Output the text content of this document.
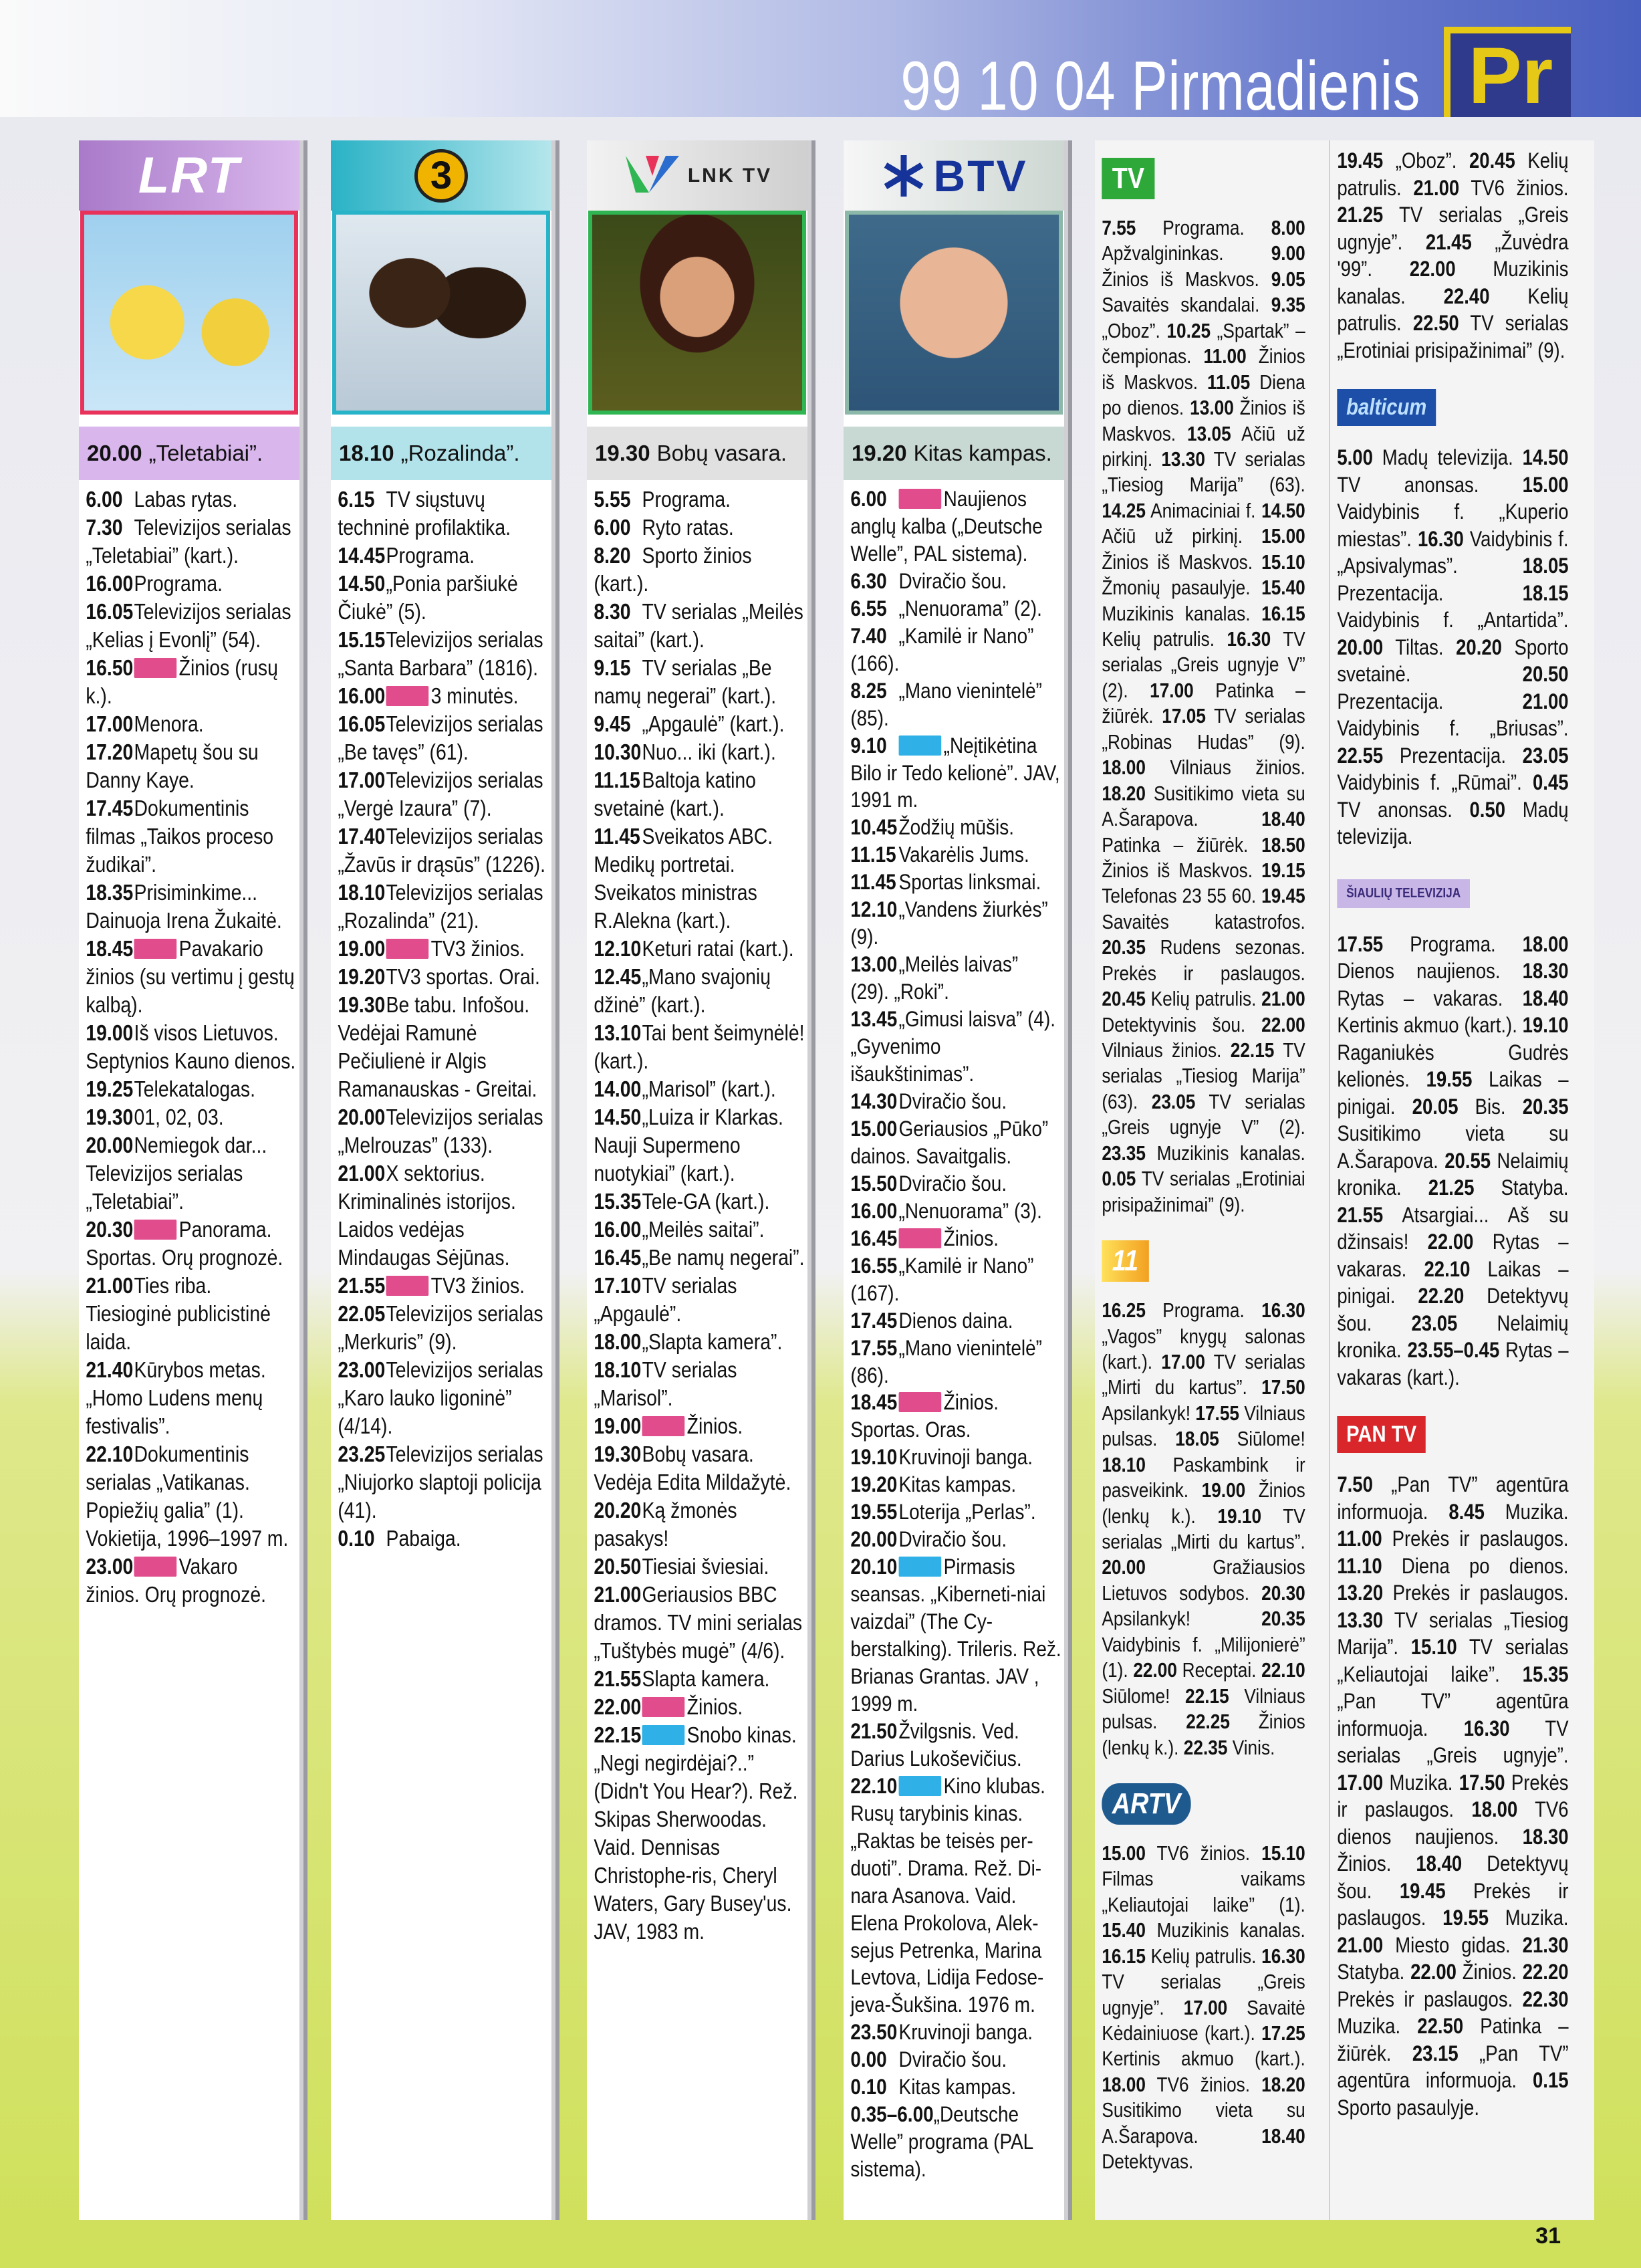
99 10 04 Pirmadienis Pr
LRT
20.00 „Teletabiai”.
6.00 Labas rytas.
7.30 Televizijos serialas „Teletabiai” (kart.).
16.00Programa.
16.05Televizijos serialas „Kelias į Evonlį” (54).
16.50 Žinios (rusų k.).
17.00Menora.
17.20Mapetų šou su Danny Kaye.
17.45Dokumentinis filmas „Taikos proceso žudikai”.
18.35Prisiminkime... Dainuoja Irena Žukaitė.
18.45 Pavakario žinios (su vertimu į gestų kalbą).
19.00Iš visos Lietuvos. Septynios Kauno dienos.
19.25Telekatalogas.
19.3001, 02, 03.
20.00Nemiegok dar... Televizijos serialas „Teletabiai”.
20.30 Panorama. Sportas. Orų prognozė.
21.00Ties riba. Tiesioginė publicistinė laida.
21.40Kūrybos metas. „Homo Ludens menų festivalis”.
22.10Dokumentinis serialas „Vatikanas. Popiežių galia” (1). Vokietija, 1996–1997 m.
23.00 Vakaro žinios. Orų prognozė.
3
18.10 „Rozalinda”.
6.15 TV siųstuvų techninė profilaktika.
14.45Programa.
14.50„Ponia paršiukė Čiukė” (5).
15.15Televizijos serialas „Santa Barbara” (1816).
16.00 3 minutės.
16.05Televizijos serialas „Be tavęs” (61).
17.00Televizijos serialas „Vergė Izaura” (7).
17.40Televizijos serialas „Žavūs ir drąsūs” (1226).
18.10Televizijos serialas „Rozalinda” (21).
19.00 TV3 žinios.
19.20TV3 sportas. Orai.
19.30Be tabu. Infošou. Vedėjai Ramunė Pečiulienė ir Algis Ramanauskas - Greitai.
20.00Televizijos serialas „Melrouzas” (133).
21.00X sektorius. Kriminalinės istorijos. Laidos vedėjas Mindaugas Sėjūnas.
21.55 TV3 žinios.
22.05Televizijos serialas „Merkuris” (9).
23.00Televizijos serialas „Karo lauko ligoninė” (4/14).
23.25Televizijos serialas „Niujorko slaptoji policija (41).
0.10 Pabaiga.
LNK TV
19.30 Bobų vasara.
5.55 Programa.
6.00 Ryto ratas.
8.20 Sporto žinios (kart.).
8.30 TV serialas „Meilės saitai” (kart.).
9.15 TV serialas „Be namų negerai” (kart.).
9.45 „Apgaulė” (kart.).
10.30Nuo... iki (kart.).
11.15Baltoja katino svetainė (kart.).
11.45Sveikatos ABC. Medikų portretai. Sveikatos ministras R.Alekna (kart.).
12.10Keturi ratai (kart.).
12.45„Mano svajonių džinė” (kart.).
13.10Tai bent šeimynėlė! (kart.).
14.00„Marisol” (kart.).
14.50„Luiza ir Klarkas. Nauji Supermeno nuotykiai” (kart.).
15.35Tele-GA (kart.).
16.00„Meilės saitai”.
16.45„Be namų negerai”.
17.10TV serialas „Apgaulė”.
18.00„Slapta kamera”.
18.10TV serialas „Marisol”.
19.00 Žinios.
19.30Bobų vasara. Vedėja Edita Mildažytė.
20.20Ką žmonės pasakys!
20.50Tiesiai šviesiai.
21.00Geriausios BBC dramos. TV mini serialas „Tuštybės mugė” (4/6).
21.55Slapta kamera.
22.00 Žinios.
22.15 Snobo kinas. „Negi negirdėjai?..” (Didn't You Hear?). Rež. Skipas Sherwoodas. Vaid. Dennisas Christophe-ris, Cheryl Waters, Gary Busey'us. JAV, 1983 m.
BTV
19.20 Kitas kampas.
6.00	Naujienos anglų kalba („Deutsche Welle”, PAL sistema).
6.30 Dviračio šou.
6.55 „Nenuorama” (2).
7.40 „Kamilė ir Nano” (166).
8.25 „Mano vienintelė” (85).
9.10	„Neįtikėtina Bilo ir Tedo kelionė”. JAV, 1991 m.
10.45Žodžių mūšis.
11.15 Vakarėlis Jums.
11.45 Sportas linksmai.
12.10„Vandens žiurkės” (9).
13.00„Meilės laivas” (29). „Roki”.
13.45„Gimusi laisva” (4). „Gyvenimo išaukštinimas”.
14.30Dviračio šou.
15.00Geriausios „Pūko” dainos. Savaitgalis.
15.50Dviračio šou.
16.00„Nenuorama” (3).
16.45 Žinios.
16.55„Kamilė ir Nano” (167).
17.45Dienos daina.
17.55„Mano vienintelė” (86).
18.45 Žinios. Sportas. Oras.
19.10Kruvinoji banga.
19.20Kitas kampas.
19.55Loterija „Perlas”.
20.00Dviračio šou.
20.10 Pirmasis seansas. „Kiberneti-niai vaizdai” (The Cy-berstalking). Trileris. Rež. Brianas Grantas. JAV , 1999 m.
21.50Žvilgsnis. Ved. Darius Lukoševičius.
22.10 Kino klubas. Rusų tarybinis kinas. „Raktas be teisės per-duoti”. Drama. Rež. Di-nara Asanova. Vaid. Elena Prokolova, Alek-sejus Petrenka, Marina Levtova, Lidija Fedose-jeva-Šukšina. 1976 m.
23.50Kruvinoji banga.
0.00 Dviračio šou.
0.10 Kitas kampas.
0.35–6.00„Deutsche Welle” programa (PAL sistema).
TV
7.55 Programa. 8.00 Apžvalgininkas. 9.00 Žinios iš Maskvos. 9.05 Savaitės skandalai. 9.35 „Oboz”. 10.25 „Spartak” – čempionas. 11.00 Žinios iš Maskvos. 11.05 Diena po dienos. 13.00 Žinios iš Maskvos. 13.05 Ačiū už pirkinį. 13.30 TV serialas „Tiesiog Marija” (63). 14.25 Animaciniai f. 14.50 Ačiū už pirkinį. 15.00 Žinios iš Maskvos. 15.10 Žmonių pasaulyje. 15.40 Muzikinis kanalas. 16.15 Kelių patrulis. 16.30 TV serialas „Greis ugnyje V” (2). 17.00 Patinka – žiūrėk. 17.05 TV serialas „Robinas Hudas” (9). 18.00 Vilniaus žinios. 18.20 Susitikimo vieta su A.Šarapova. 18.40 Patinka – žiūrėk. 18.50 Žinios iš Maskvos. 19.15 Telefonas 23 55 60. 19.45 Savaitės katastrofos. 20.35 Rudens sezonas. Prekės ir paslaugos. 20.45 Kelių patrulis. 21.00 Detektyvinis šou. 22.00 Vilniaus žinios. 22.15 TV serialas „Tiesiog Marija” (63). 23.05 TV serialas „Greis ugnyje V” (2). 23.35 Muzikinis kanalas. 0.05 TV serialas „Erotiniai prisipažinimai” (9).
11
16.25 Programa. 16.30 „Vagos” knygų salonas (kart.). 17.00 TV serialas „Mirti du kartus”. 17.50 Apsilankyk! 17.55 Vilniaus pulsas. 18.05 Siūlome! 18.10 Paskambink ir pasveikink. 19.00 Žinios (lenkų k.). 19.10 TV serialas „Mirti du kartus”. 20.00 Gražiausios Lietuvos sodybos. 20.30 Apsilankyk! 20.35 Vaidybinis f. „Milijonierė” (1). 22.00 Receptai. 22.10 Siūlome! 22.15 Vilniaus pulsas. 22.25 Žinios (lenkų k.). 22.35 Vinis.
ARTV
15.00 TV6 žinios. 15.10 Filmas vaikams „Keliautojai laike” (1). 15.40 Muzikinis kanalas. 16.15 Kelių patrulis. 16.30 TV serialas „Greis ugnyje”. 17.00 Savaitė Kėdainiuose (kart.). 17.25 Kertinis akmuo (kart.). 18.00 TV6 žinios. 18.20 Susitikimo vieta su A.Šarapova. 18.40 Detektyvas.
19.45 „Oboz”. 20.45 Kelių patrulis. 21.00 TV6 žinios. 21.25 TV serialas „Greis ugnyje”. 21.45 „Žuvėdra '99”. 22.00 Muzikinis kanalas. 22.40 Kelių patrulis. 22.50 TV serialas „Erotiniai prisipažinimai” (9).
balticum
5.00 Madų televizija. 14.50 TV anonsas. 15.00 Vaidybinis f. „Kuperio miestas”. 16.30 Vaidybinis f. „Apsivalymas”. 18.05 Prezentacija. 18.15 Vaidybinis f. „Antartida”. 20.00 Tiltas. 20.20 Sporto svetainė. 20.50 Prezentacija. 21.00 Vaidybinis f. „Briusas”. 22.55 Prezentacija. 23.05 Vaidybinis f. „Rūmai”. 0.45 TV anonsas. 0.50 Madų televizija.
ŠIAULIŲ TELEVIZIJA
17.55 Programa. 18.00 Dienos naujienos. 18.30 Rytas – vakaras. 18.40 Kertinis akmuo (kart.). 19.10 Raganiukės Gudrės kelionės. 19.55 Laikas – pinigai. 20.05 Bis. 20.35 Susitikimo vieta su A.Šarapova. 20.55 Nelaimių kronika. 21.25 Statyba. 21.55 Atsargiai... Aš su džinsais! 22.00 Rytas – vakaras. 22.10 Laikas – pinigai. 22.20 Detektyvų šou. 23.05 Nelaimių kronika. 23.55–0.45 Rytas – vakaras (kart.).
PAN TV
7.50 „Pan TV” agentūra informuoja. 8.45 Muzika. 11.00 Prekės ir paslaugos. 11.10 Diena po dienos. 13.20 Prekės ir paslaugos. 13.30 TV serialas „Tiesiog Marija”. 15.10 TV serialas „Keliautojai laike”. 15.35 „Pan TV” agentūra informuoja. 16.30 TV serialas „Greis ugnyje”. 17.00 Muzika. 17.50 Prekės ir paslaugos. 18.00 TV6 dienos naujienos. 18.30 Žinios. 18.40 Detektyvų šou. 19.45 Prekės ir paslaugos. 19.55 Muzika. 21.00 Miesto gidas. 21.30 Statyba. 22.00 Žinios. 22.20 Prekės ir paslaugos. 22.30 Muzika. 22.50 Patinka – žiūrėk. 23.15 „Pan TV” agentūra informuoja. 0.15 Sporto pasaulyje.
31
